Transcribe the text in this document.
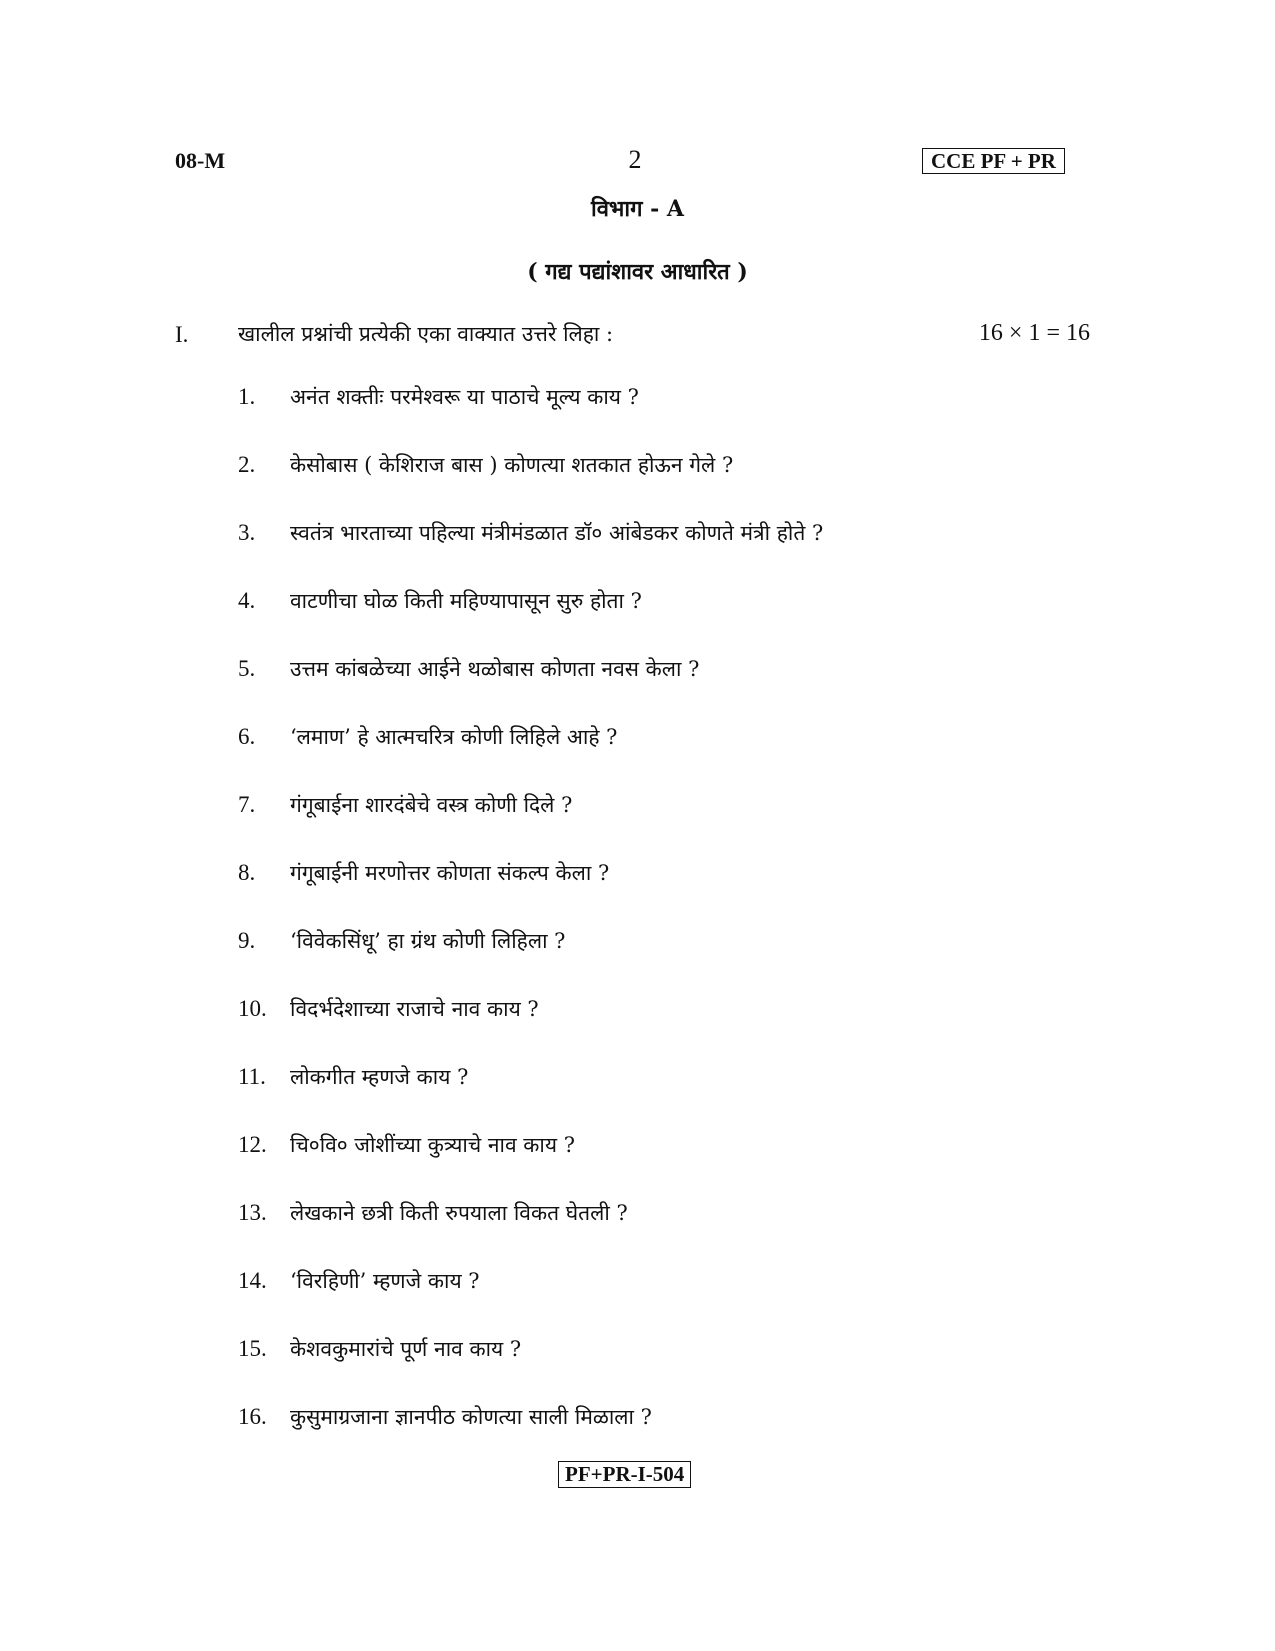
08-M	2	CCE PF + PR
विभाग - A
( गद्य पद्यांशावर आधारित )
I. खालील प्रश्नांची प्रत्येकी एका वाक्यात उत्तरे लिहा :	16 × 1 = 16
1.	अनंत शक्तीः परमेश्वरू या पाठाचे मूल्य काय ?
2.	केसोबास ( केशिराज बास ) कोणत्या शतकात होऊन गेले ?
3.	स्वतंत्र भारताच्या पहिल्या मंत्रीमंडळात डॉ० आंबेडकर कोणते मंत्री होते ?
4.	वाटणीचा घोळ किती महिण्यापासून सुरु होता ?
5.	उत्तम कांबळेच्या आईने थळोबास कोणता नवस केला ?
6.	‘लमाण’ हे आत्मचरित्र कोणी लिहिले आहे ?
7.	गंगूबाईना शारदंबेचे वस्त्र कोणी दिले ?
8.	गंगूबाईनी मरणोत्तर कोणता संकल्प केला ?
9.	‘विवेकसिंधू’ हा ग्रंथ कोणी लिहिला ?
10.	विदर्भदेशाच्या राजाचे नाव काय ?
11.	लोकगीत म्हणजे काय ?
12.	चि०वि० जोशींच्या कुत्र्याचे नाव काय ?
13.	लेखकाने छत्री किती रुपयाला विकत घेतली ?
14.	‘विरहिणी’ म्हणजे काय ?
15.	केशवकुमारांचे पूर्ण नाव काय ?
16.	कुसुमाग्रजाना ज्ञानपीठ कोणत्या साली मिळाला ?
PF+PR-I-504
